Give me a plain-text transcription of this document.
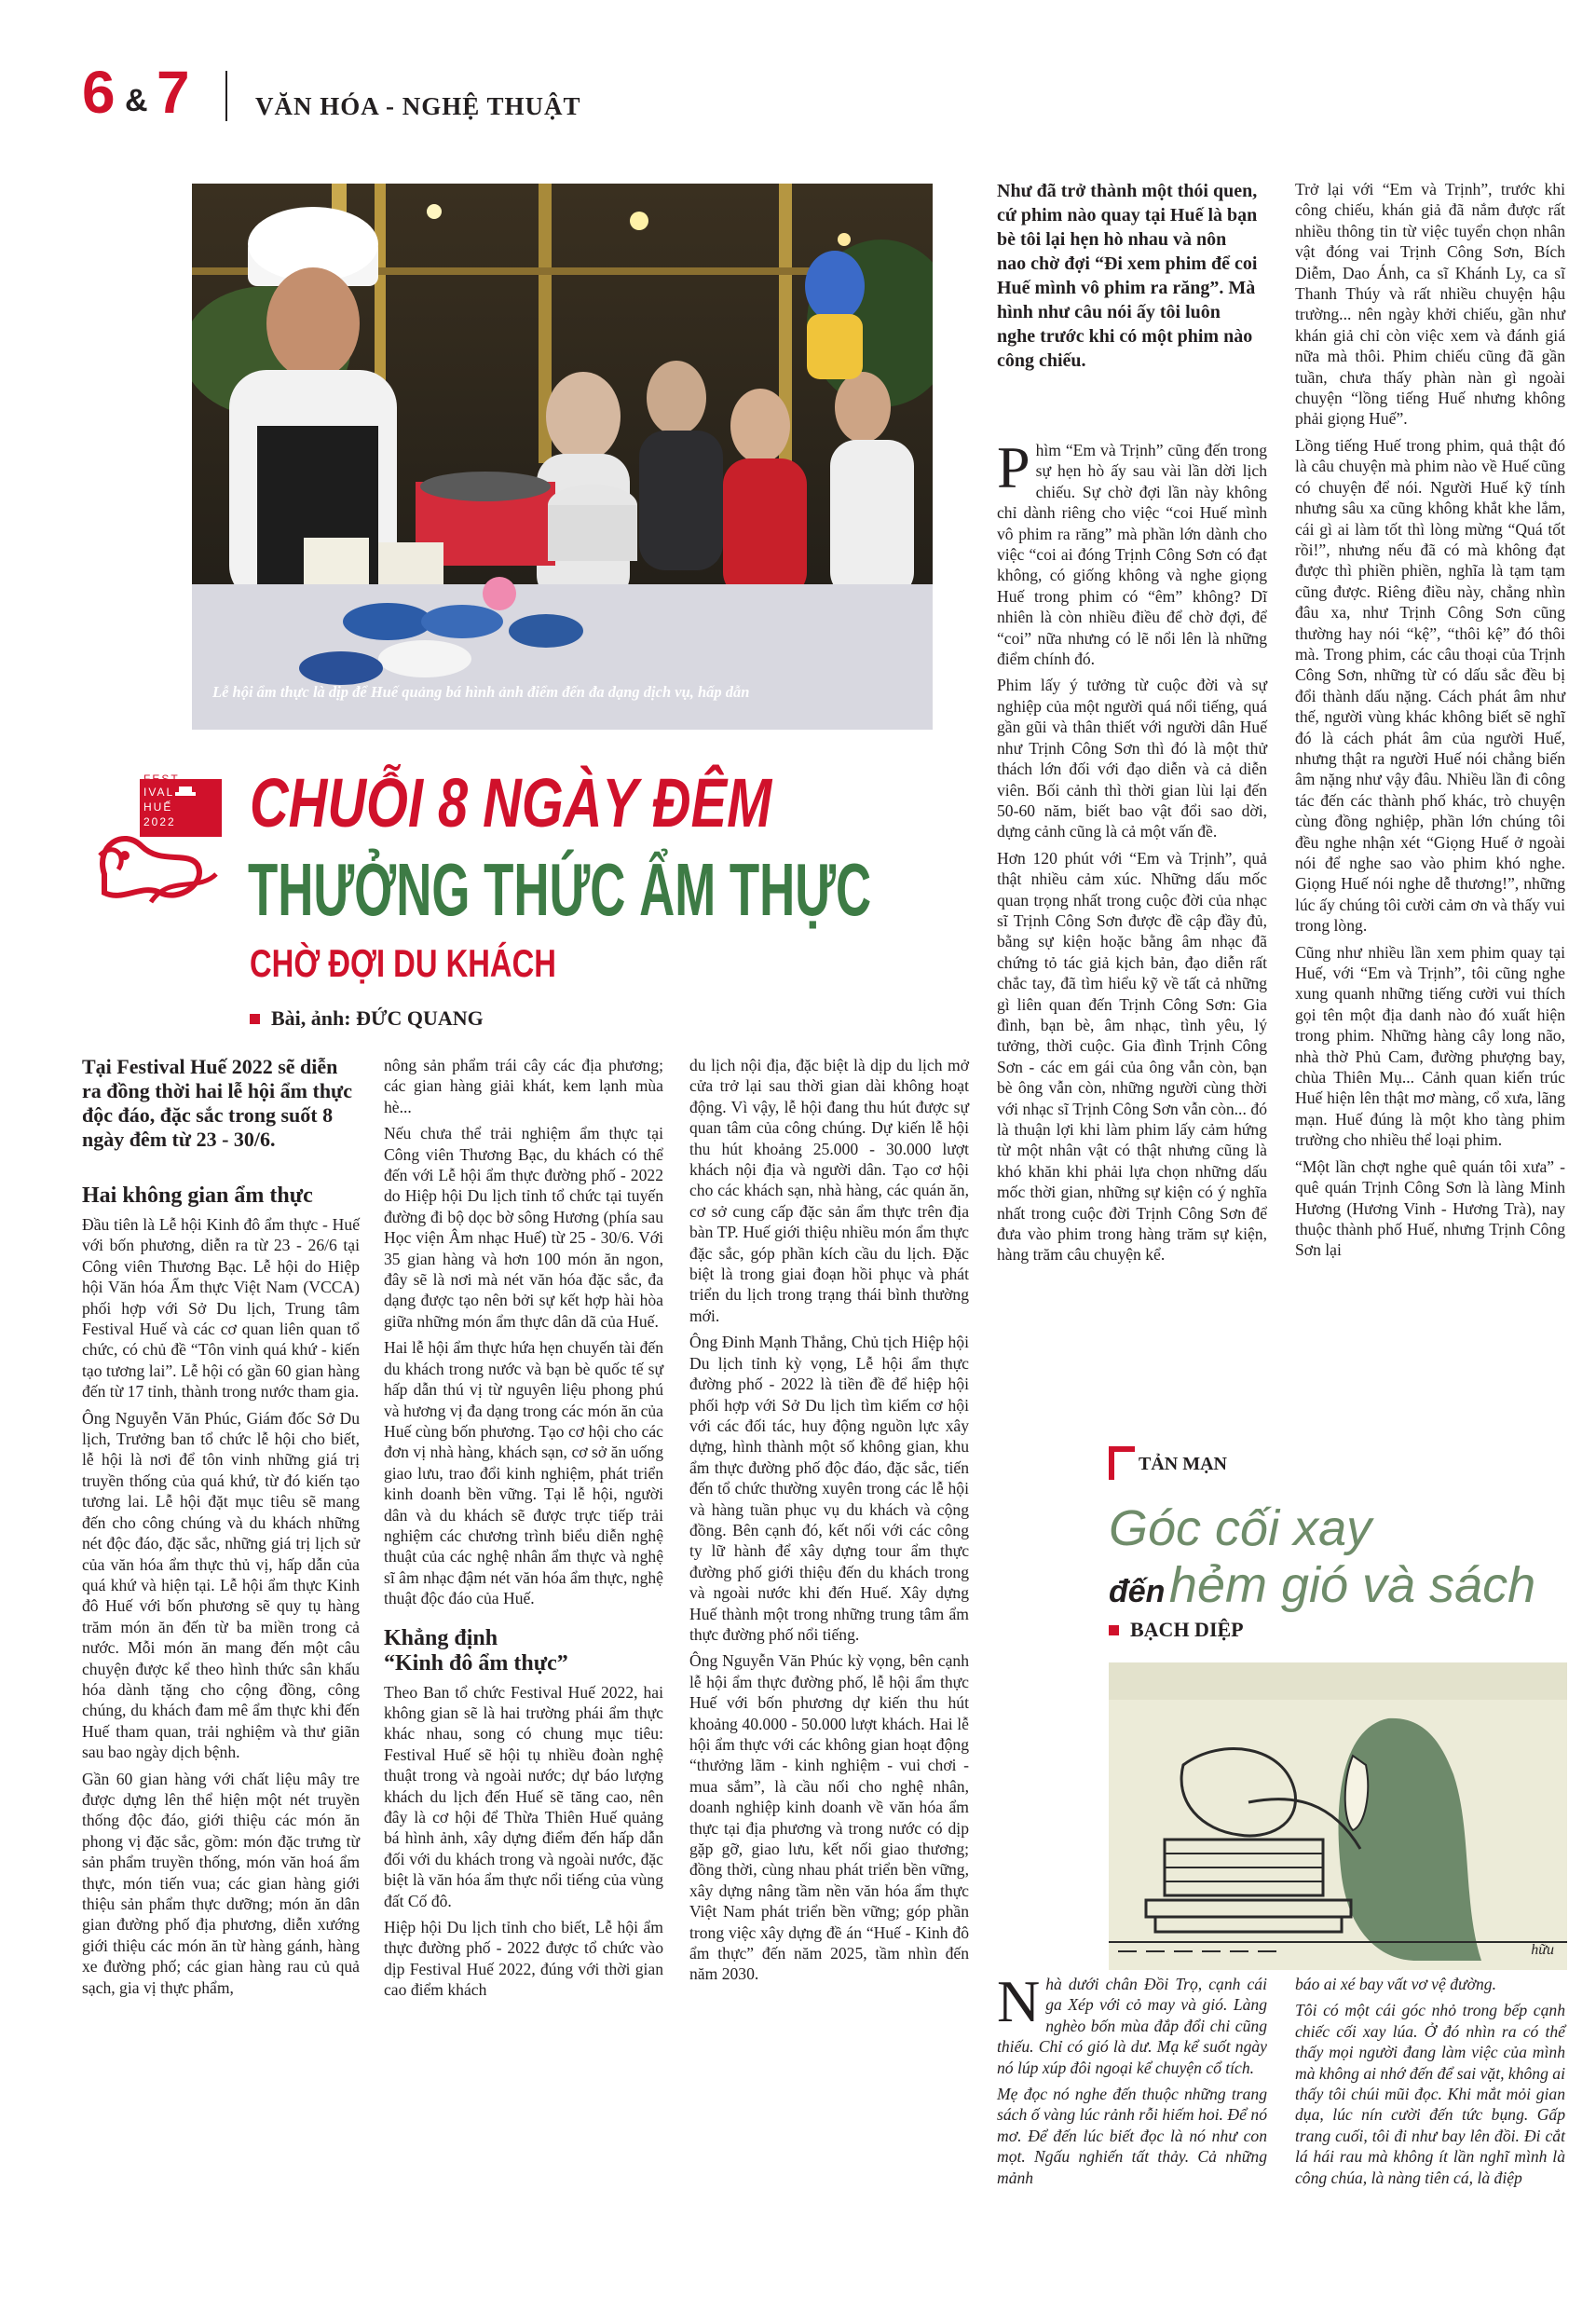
6 & 7	VĂN HÓA - NGHỆ THUẬT
Lễ hội ẩm thực là dịp để Huế quảng bá hình ảnh điểm đến đa dạng dịch vụ, hấp dẫn
FEST
IVAL
HUẾ
2022 CHUỖI 8 NGÀY ĐÊM
THƯỞNG THỨC ẨM THỰC
CHỜ ĐỢI DU KHÁCH
Bài, ảnh: ĐỨC QUANG
Tại Festival Huế 2022 sẽ diễn ra đồng thời hai lễ hội ẩm thực độc đáo, đặc sắc trong suốt 8 ngày đêm từ 23 - 30/6.
Hai không gian ẩm thực

Đầu tiên là Lễ hội Kinh đô ẩm thực - Huế với bốn phương, diễn ra từ 23 - 26/6 tại Công viên Thương Bạc. Lễ hội do Hiệp hội Văn hóa Ẩm thực Việt Nam (VCCA) phối hợp với Sở Du lịch, Trung tâm Festival Huế và các cơ quan liên quan tổ chức, có chủ đề “Tôn vinh quá khứ - kiến tạo tương lai”. Lễ hội có gần 60 gian hàng đến từ 17 tỉnh, thành trong nước tham gia.

Ông Nguyễn Văn Phúc, Giám đốc Sở Du lịch, Trưởng ban tổ chức lễ hội cho biết, lễ hội là nơi để tôn vinh những giá trị truyền thống của quá khứ, từ đó kiến tạo tương lai. Lễ hội đặt mục tiêu sẽ mang đến cho công chúng và du khách những nét độc đáo, đặc sắc, những giá trị lịch sử của văn hóa ẩm thực thủ vị, hấp dẫn của quá khứ và hiện tại. Lễ hội ẩm thực Kinh đô Huế với bốn phương sẽ quy tụ hàng trăm món ăn đến từ ba miền trong cả nước. Mỗi món ăn mang đến một câu chuyện được kể theo hình thức sân khấu hóa dành tặng cho cộng đồng, công chúng, du khách đam mê ẩm thực khi đến Huế tham quan, trải nghiệm và thư giãn sau bao ngày dịch bệnh.

Gần 60 gian hàng với chất liệu mây tre được dựng lên thể hiện một nét truyền thống độc đáo, giới thiệu các món ăn phong vị đặc sắc, gồm: món đặc trưng từ sản phẩm truyền thống, món văn hoá ẩm thực, món tiến vua; các gian hàng giới thiệu sản phẩm thực dưỡng; món ăn dân gian đường phố địa phương, diễn xướng giới thiệu các món ăn từ hàng gánh, hàng xe đường phố; các gian hàng rau củ quả sạch, gia vị thực phẩm,

nông sản phẩm trái cây các địa phương; các gian hàng giải khát, kem lạnh mùa hè...

Nếu chưa thể trải nghiệm ẩm thực tại Công viên Thương Bạc, du khách có thể đến với Lễ hội ẩm thực đường phố - 2022 do Hiệp hội Du lịch tỉnh tổ chức tại tuyến đường đi bộ dọc bờ sông Hương (phía sau Học viện Âm nhạc Huế) từ 25 - 30/6. Với 35 gian hàng và hơn 100 món ăn ngon, đây sẽ là nơi mà nét văn hóa đặc sắc, đa dạng được tạo nên bởi sự kết hợp hài hòa giữa những món ẩm thực dân dã của Huế.

Hai lễ hội ẩm thực hứa hẹn chuyến tài đến du khách trong nước và bạn bè quốc tế sự hấp dẫn thú vị từ nguyên liệu phong phú và hương vị đa dạng trong các món ăn của Huế cùng bốn phương. Tạo cơ hội cho các đơn vị nhà hàng, khách sạn, cơ sở ăn uống giao lưu, trao đổi kinh nghiệm, phát triển kinh doanh bền vững. Tại lễ hội, người dân và du khách sẽ được trực tiếp trải nghiệm các chương trình biểu diễn nghệ thuật của các nghệ nhân ẩm thực và nghệ sĩ âm nhạc đậm nét văn hóa ẩm thực, nghệ thuật độc đáo của Huế.

Khẳng định
“Kinh đô ẩm thực”

Theo Ban tổ chức Festival Huế 2022, hai không gian sẽ là hai trường phái ẩm thực khác nhau, song có chung mục tiêu: Festival Huế sẽ hội tụ nhiều đoàn nghệ thuật trong và ngoài nước; dự báo lượng khách du lịch đến Huế sẽ tăng cao, nên đây là cơ hội để Thừa Thiên Huế quảng bá hình ảnh, xây dựng điểm đến hấp dẫn đối với du khách trong và ngoài nước, đặc biệt là văn hóa ẩm thực nổi tiếng của vùng đất Cố đô.

Hiệp hội Du lịch tỉnh cho biết, Lễ hội ẩm thực đường phố - 2022 được tổ chức vào dịp Festival Huế 2022, đúng với thời gian cao điểm khách

du lịch nội địa, đặc biệt là dịp du lịch mở cửa trở lại sau thời gian dài không hoạt động. Vì vậy, lễ hội đang thu hút được sự quan tâm của công chúng. Dự kiến lễ hội thu hút khoảng 25.000 - 30.000 lượt khách nội địa và người dân. Tạo cơ hội cho các khách sạn, nhà hàng, các quán ăn, cơ sở cung cấp đặc sản ẩm thực trên địa bàn TP. Huế giới thiệu nhiều món ẩm thực đặc sắc, góp phần kích cầu du lịch. Đặc biệt là trong giai đoạn hồi phục và phát triển du lịch trong trạng thái bình thường mới.

Ông Đinh Mạnh Thắng, Chủ tịch Hiệp hội Du lịch tỉnh kỳ vọng, Lễ hội ẩm thực đường phố - 2022 là tiền đề để hiệp hội phối hợp với Sở Du lịch tìm kiếm cơ hội với các đối tác, huy động nguồn lực xây dựng, hình thành một số không gian, khu ẩm thực đường phố độc đáo, đặc sắc, tiến đến tổ chức thường xuyên trong các lễ hội và hàng tuần phục vụ du khách và cộng đồng. Bên cạnh đó, kết nối với các công ty lữ hành để xây dựng tour ẩm thực đường phố giới thiệu đến du khách trong và ngoài nước khi đến Huế. Xây dựng Huế thành một trong những trung tâm ẩm thực đường phố nổi tiếng.

Ông Nguyễn Văn Phúc kỳ vọng, bên cạnh lễ hội ẩm thực đường phố, lễ hội ẩm thực Huế với bốn phương dự kiến thu hút khoảng 40.000 - 50.000 lượt khách. Hai lễ hội ẩm thực với các không gian hoạt động “thưởng lãm - kinh nghiệm - vui chơi - mua sắm”, là cầu nối cho nghệ nhân, doanh nghiệp kinh doanh về văn hóa ẩm thực tại địa phương và trong nước có dịp gặp gỡ, giao lưu, kết nối giao thương; đồng thời, cùng nhau phát triển bền vững, xây dựng nâng tầm nền văn hóa ẩm thực Việt Nam phát triển bền vững; góp phần trong việc xây dựng đề án “Huế - Kinh đô ẩm thực” đến năm 2025, tầm nhìn đến năm 2030.

Như đã trở thành một thói quen, cứ phim nào quay tại Huế là bạn bè tôi lại hẹn hò nhau và nôn nao chờ đợi “Đi xem phim để coi Huế mình vô phim ra răng”. Mà hình như câu nói ấy tôi luôn nghe trước khi có một phim nào công chiếu.

Phìm “Em và Trịnh” cũng đến trong sự hẹn hò ấy sau vài lần dời lịch chiếu. Sự chờ đợi lần này không chỉ dành riêng cho việc “coi Huế mình vô phim ra răng” mà phần lớn dành cho việc “coi ai đóng Trịnh Công Sơn có đạt không, có giống không và nghe giọng Huế trong phim có “êm” không? Dĩ nhiên là còn nhiều điều để chờ đợi, để “coi” nữa nhưng có lẽ nổi lên là những điểm chính đó.

Phim lấy ý tưởng từ cuộc đời và sự nghiệp của một người quá nổi tiếng, quá gần gũi và thân thiết với người dân Huế như Trịnh Công Sơn thì đó là một thử thách lớn đối với đạo diễn và cả diễn viên. Bối cảnh thì thời gian lùi lại đến 50-60 năm, biết bao vật đổi sao dời, dựng cảnh cũng là cả một vấn đề.

Hơn 120 phút với “Em và Trịnh”, quả thật nhiều cảm xúc. Những dấu mốc quan trọng nhất trong cuộc đời của nhạc sĩ Trịnh Công Sơn được đề cập đầy đủ, bằng sự kiện hoặc bằng âm nhạc đã chứng tỏ tác giả kịch bản, đạo diễn rất chắc tay, đã tìm hiểu kỹ về tất cả những gì liên quan đến Trịnh Công Sơn: Gia đình, bạn bè, âm nhạc, tình yêu, lý tưởng, thời cuộc. Gia đình Trịnh Công Sơn - các em gái của ông vẫn còn, bạn bè ông vẫn còn, những người cùng thời với nhạc sĩ Trịnh Công Sơn vẫn còn... đó là thuận lợi khi làm phim lấy cảm hứng từ một nhân vật có thật nhưng cũng là khó khăn khi phải lựa chọn những dấu mốc thời gian, những sự kiện có ý nghĩa nhất trong cuộc đời Trịnh Công Sơn để đưa vào phim trong hàng trăm sự kiện, hàng trăm câu chuyện kể.

Trở lại với “Em và Trịnh”, trước khi công chiếu, khán giả đã nắm được rất nhiều thông tin từ việc tuyển chọn nhân vật đóng vai Trịnh Công Sơn, Bích Diễm, Dao Ánh, ca sĩ Khánh Ly, ca sĩ Thanh Thúy và rất nhiều chuyện hậu trường... nên ngày khởi chiếu, gần như khán giả chỉ còn việc xem và đánh giá nữa mà thôi. Phim chiếu cũng đã gần tuần, chưa thấy phàn nàn gì ngoài chuyện “lồng tiếng Huế nhưng không phải giọng Huế”.

Lồng tiếng Huế trong phim, quả thật đó là câu chuyện mà phim nào về Huế cũng có chuyện để nói. Người Huế kỹ tính nhưng sâu xa cũng không khắt khe lắm, cái gì ai làm tốt thì lòng mừng “Quá tốt rồi!”, nhưng nếu đã có mà không đạt được thì phiền phiền, nghĩa là tạm tạm cũng được. Riêng điều này, chẳng nhìn đâu xa, như Trịnh Công Sơn cũng thường hay nói “kệ”, “thôi kệ” đó thôi mà. Trong phim, các câu thoại của Trịnh Công Sơn, những từ có dấu sắc đều bị đổi thành dấu nặng. Cách phát âm như thế, người vùng khác không biết sẽ nghĩ đó là cách phát âm của người Huế, nhưng thật ra người Huế nói chẳng biến âm nặng như vậy đâu. Nhiều lần đi công tác đến các thành phố khác, trò chuyện cùng đồng nghiệp, phần lớn chúng tôi đều nghe nhận xét “Giọng Huế ở ngoài nói để nghe sao vào phim khó nghe. Giọng Huế nói nghe dễ thương!”, những lúc ấy chúng tôi cười cảm ơn và thấy vui trong lòng.

Cũng như nhiều lần xem phim quay tại Huế, với “Em và Trịnh”, tôi cũng nghe xung quanh những tiếng cười vui thích gọi tên một địa danh nào đó xuất hiện trong phim. Những hàng cây long não, nhà thờ Phủ Cam, đường phượng bay, chùa Thiên Mụ... Cảnh quan kiến trúc Huế hiện lên thật mơ màng, cổ xưa, lãng mạn. Huế đúng là một kho tàng phim trường cho nhiều thể loại phim.

“Một lần chợt nghe quê quán tôi xưa” - quê quán Trịnh Công Sơn là làng Minh Hương (Hương Vinh - Hương Trà), nay thuộc thành phố Huế, nhưng Trịnh Công Sơn lại

TẢN MẠN
Góc cối xay
đến hẻm gió và sách
BẠCH DIỆP
hữu

Nhà dưới chân Đồi Trọ, cạnh cái ga Xép với cỏ may và gió. Làng nghèo bốn mùa đắp đổi chi cũng thiếu. Chỉ có gió là dư. Mạ kể suốt ngày nó lúp xúp đôi ngoại kể chuyện cổ tích.

Mẹ đọc nó nghe đến thuộc những trang sách ố vàng lúc rảnh rỗi hiếm hoi. Để nó mơ. Để đến lúc biết đọc là nó như con mọt. Ngấu nghiến tất thảy. Cả những mảnh

báo ai xé bay vất vơ vệ đường.

Tôi có một cái góc nhỏ trong bếp cạnh chiếc cối xay lúa. Ở đó nhìn ra có thể thấy mọi người đang làm việc của mình mà không ai nhớ đến để sai vặt, không ai thấy tôi chúi mũi đọc. Khi mắt mỏi gian dụa, lúc nín cười đến tức bụng. Gấp trang cuối, tôi đi như bay lên đồi. Đi cắt lá hái rau mà không ít lần nghĩ mình là công chúa, là nàng tiên cá, là điệp
